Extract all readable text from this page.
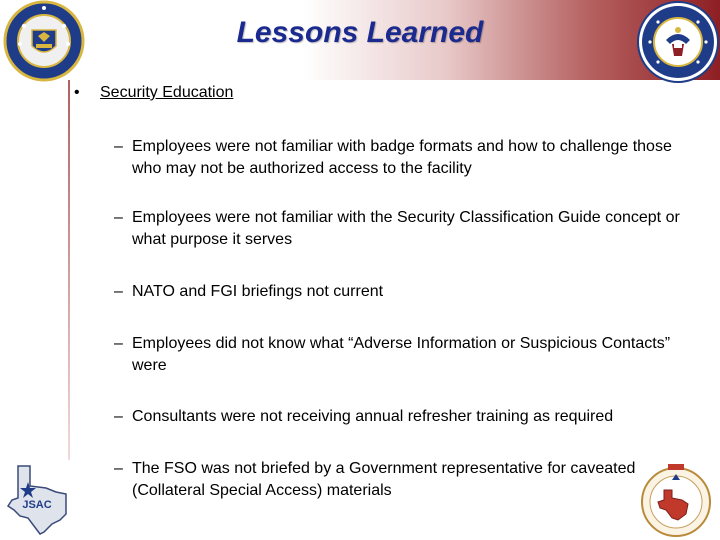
Lessons Learned
• Security Education
– Employees were not familiar with badge formats and how to challenge those who may not be authorized access to the facility
– Employees were not familiar with the Security Classification Guide concept or what purpose it serves
– NATO and FGI briefings not current
– Employees did not know what “Adverse Information or Suspicious Contacts” were
– Consultants were not receiving annual refresher training as required
– The FSO was not briefed by a Government representative for caveated (Collateral Special Access) materials
JSAC
